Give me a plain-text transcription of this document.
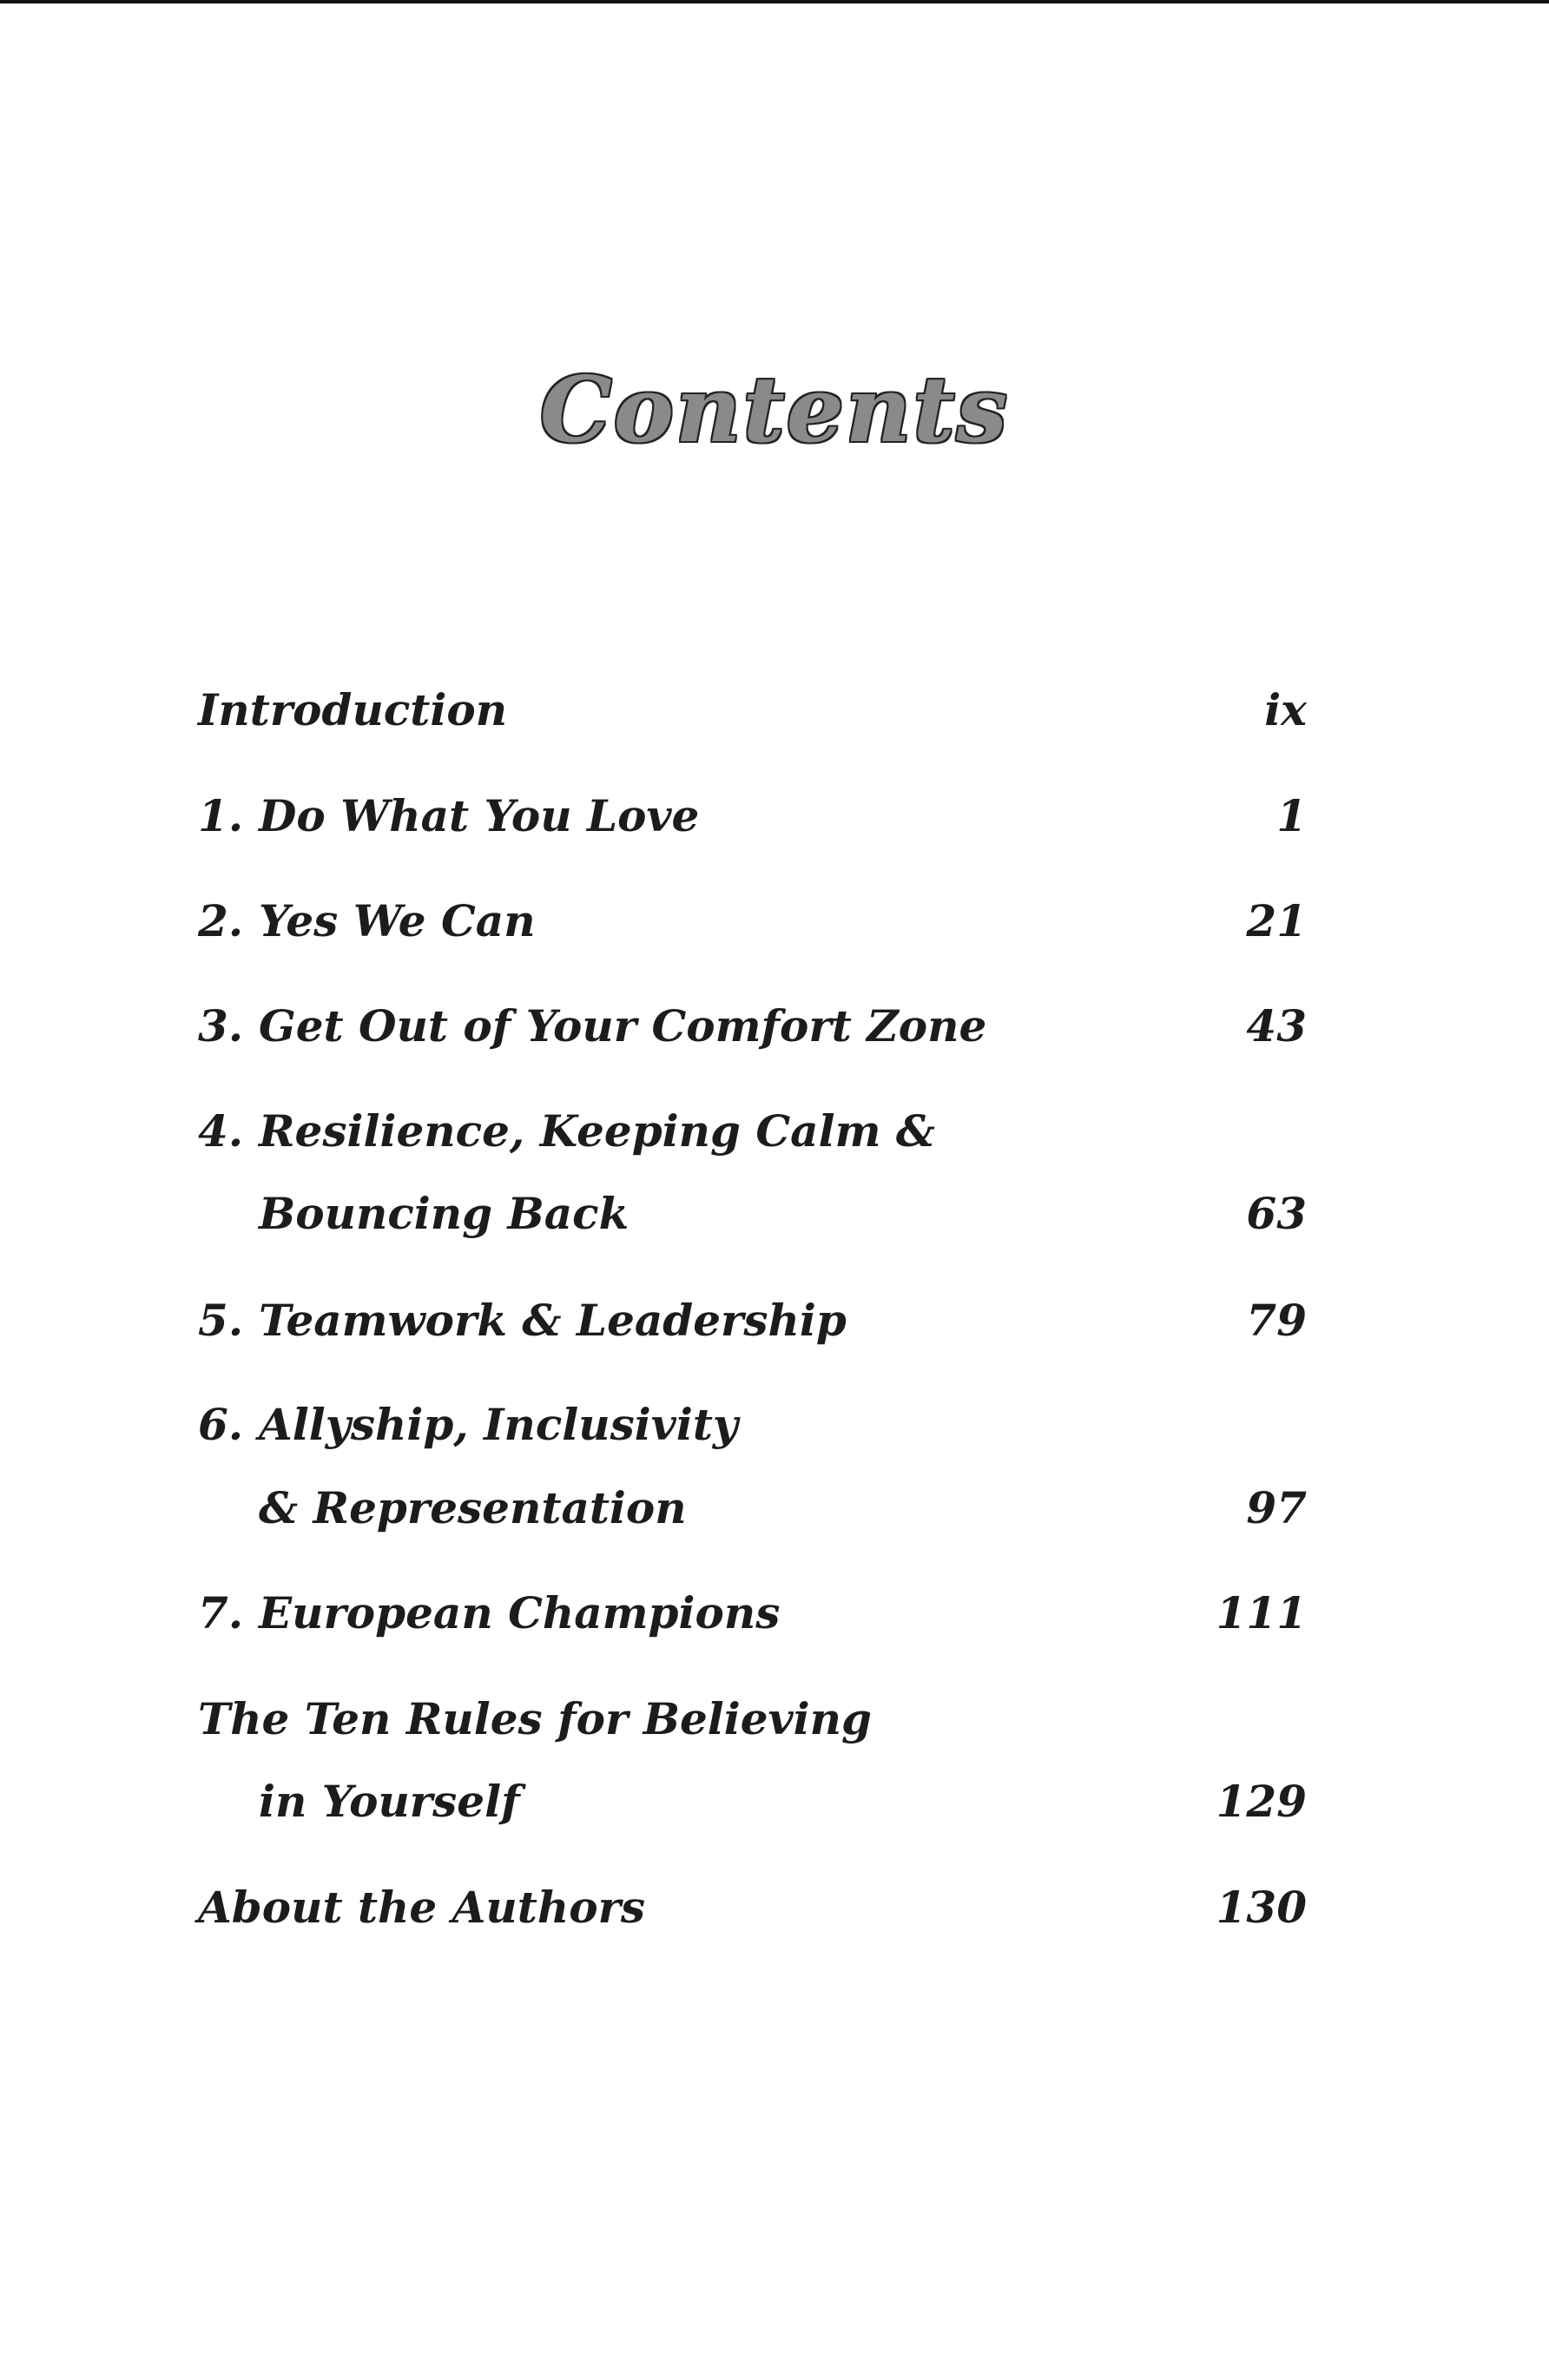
Contents
Introduction	ix
1. Do What You Love	1
2. Yes We Can	21
3. Get Out of Your Comfort Zone	43
4. Resilience, Keeping Calm &
Bouncing Back	63
5. Teamwork & Leadership	79
6. Allyship, Inclusivity
& Representation	97
7. European Champions	111
The Ten Rules for Believing
in Yourself	129
About the Authors	130
